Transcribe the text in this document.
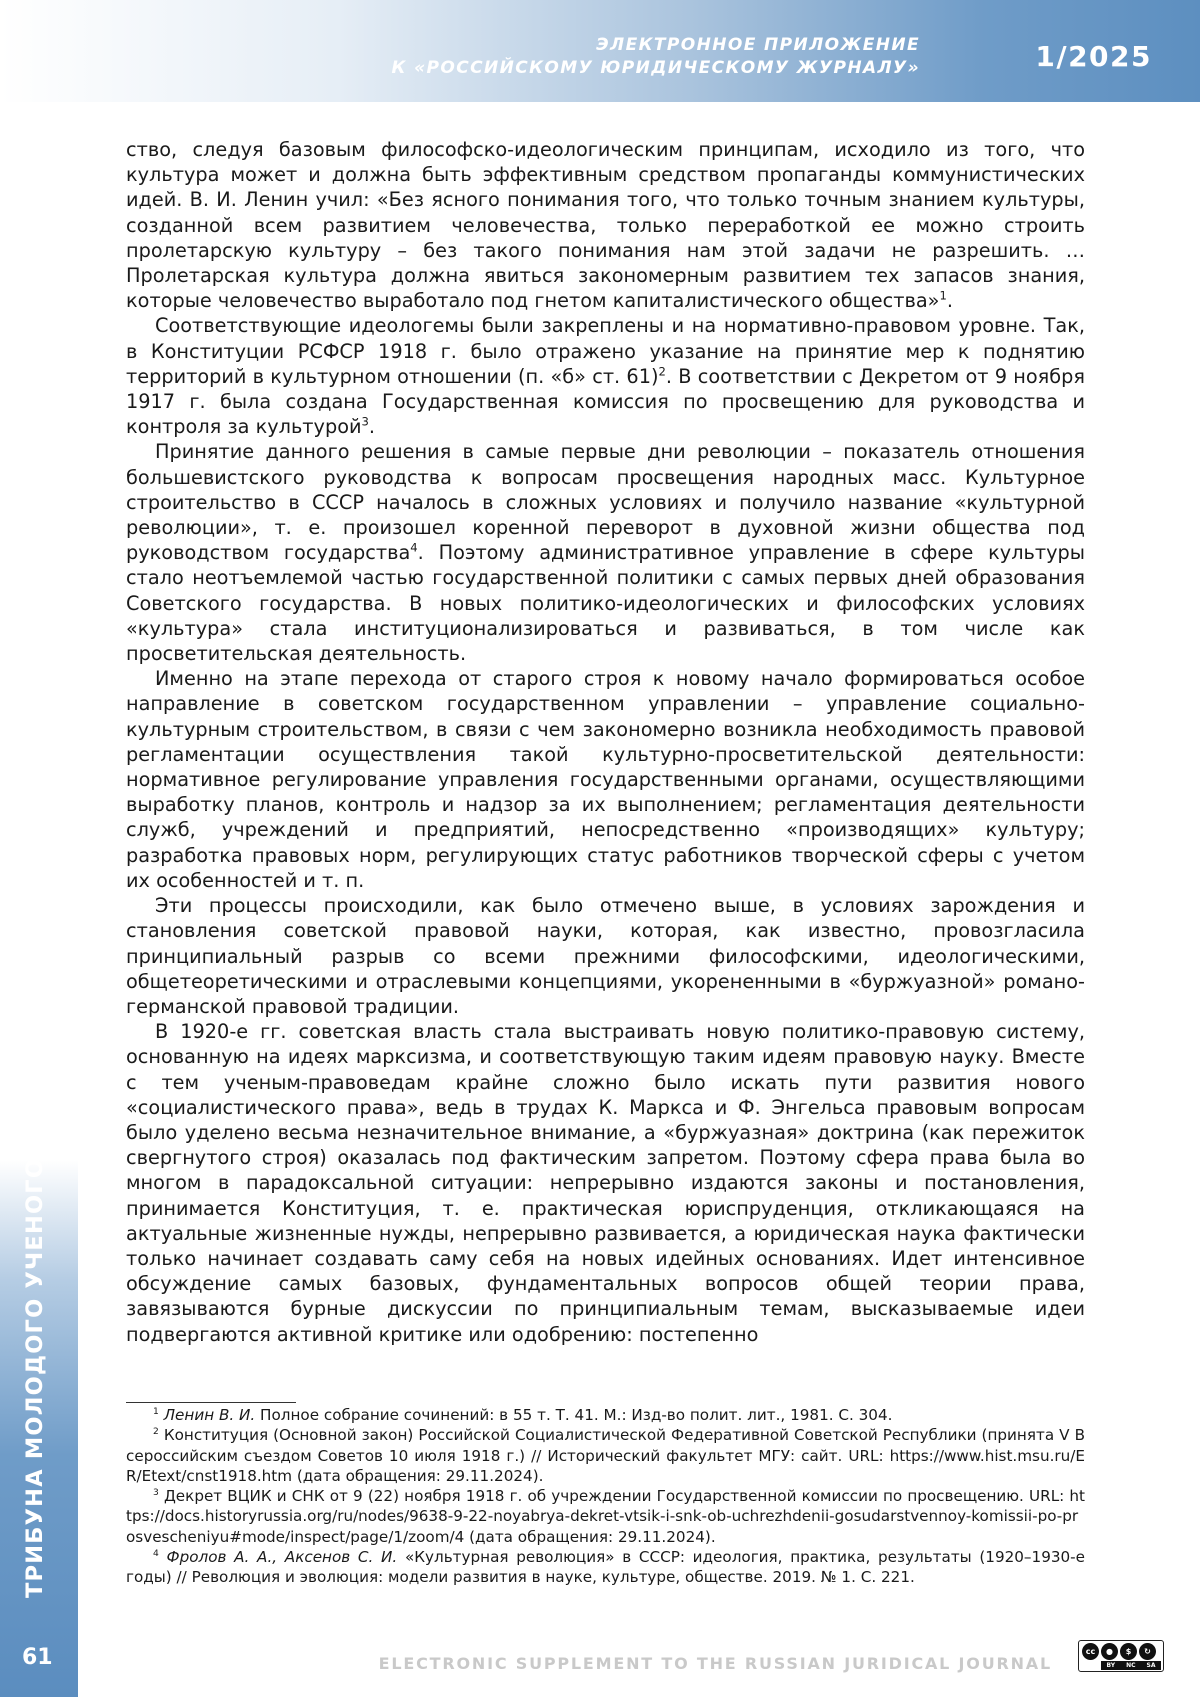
ЭЛЕКТРОННОЕ ПРИЛОЖЕНИЕ
К «РОССИЙСКОМУ ЮРИДИЧЕСКОМУ ЖУРНАЛУ»	1/2025
ТРИБУНА МОЛОДОГО УЧЕНОГО
61

ство, следуя базовым философско-идеологическим принципам, исходило из того, что культура может и должна быть эффективным средством пропаганды коммунистических идей. В. И. Ленин учил: «Без ясного понимания того, что только точным знанием культуры, созданной всем развитием человечества, только переработкой ее можно строить пролетарскую культуру – без такого понимания нам этой задачи не разрешить. …Пролетарская культура должна явиться закономерным развитием тех запасов знания, которые человечество выработало под гнетом капиталистического общества»1.

Соответствующие идеологемы были закреплены и на нормативно-правовом уровне. Так, в Конституции РСФСР 1918 г. было отражено указание на принятие мер к поднятию территорий в культурном отношении (п. «б» ст. 61)2. В соответствии с Декретом от 9 ноября 1917 г. была создана Государственная комиссия по просвещению для руководства и контроля за культурой3.

Принятие данного решения в самые первые дни революции – показатель отношения большевистского руководства к вопросам просвещения народных масс. Культурное строительство в СССР началось в сложных условиях и получило название «культурной революции», т. е. произошел коренной переворот в духовной жизни общества под руководством государства4. Поэтому административное управление в сфере культуры стало неотъемлемой частью государственной политики с самых первых дней образования Советского государства. В новых политико-идеологических и философских условиях «культура» стала институционализироваться и развиваться, в том числе как просветительская деятельность.

Именно на этапе перехода от старого строя к новому начало формироваться особое направление в советском государственном управлении – управление социально-культурным строительством, в связи с чем закономерно возникла необходимость правовой регламентации осуществления такой культурно-просветительской деятельности: нормативное регулирование управления государственными органами, осуществляющими выработку планов, контроль и надзор за их выполнением; регламентация деятельности служб, учреждений и предприятий, непосредственно «производящих» культуру; разработка правовых норм, регулирующих статус работников творческой сферы с учетом их особенностей и т. п.

Эти процессы происходили, как было отмечено выше, в условиях зарождения и становления советской правовой науки, которая, как известно, провозгласила принципиальный разрыв со всеми прежними философскими, идеологическими, общетеоретическими и отраслевыми концепциями, укорененными в «буржуазной» романо-германской правовой традиции.

В 1920-е гг. советская власть стала выстраивать новую политико-правовую систему, основанную на идеях марксизма, и соответствующую таким идеям правовую науку. Вместе с тем ученым-правоведам крайне сложно было искать пути развития нового «социалистического права», ведь в трудах К. Маркса и Ф. Энгельса правовым вопросам было уделено весьма незначительное внимание, а «буржуазная» доктрина (как пережиток свергнутого строя) оказалась под фактическим запретом. Поэтому сфера права была во многом в парадоксальной ситуации: непрерывно издаются законы и постановления, принимается Конституция, т. е. практическая юриспруденция, откликающаяся на актуальные жизненные нужды, непрерывно развивается, а юридическая наука фактически только начинает создавать саму себя на новых идейных основаниях. Идет интенсивное обсуждение самых базовых, фундаментальных вопросов общей теории права, завязываются бурные дискуссии по принципиальным темам, высказываемые идеи подвергаются активной критике или одобрению: постепенно

1 Ленин В. И. Полное собрание сочинений: в 55 т. Т. 41. М.: Изд-во полит. лит., 1981. С. 304.

2 Конституция (Основной закон) Российской Социалистической Федеративной Советской Республики (принята V Всероссийским съездом Советов 10 июля 1918 г.) // Исторический факультет МГУ: сайт. URL: https://www.hist.msu.ru/ER/Etext/cnst1918.htm (дата обращения: 29.11.2024).

3 Декрет ВЦИК и СНК от 9 (22) ноября 1918 г. об учреждении Государственной комиссии по просвещению. URL: https://docs.historyrussia.org/ru/nodes/9638-9-22-noyabrya-dekret-vtsik-i-snk-ob-uchrezhdenii-gosudarstvennoy-komissii-po-prosvescheniyu#mode/inspect/page/1/zoom/4 (дата обращения: 29.11.2024).

4 Фролов А. А., Аксенов С. И. «Культурная революция» в СССР: идеология, практика, результаты (1920–1930-е годы) // Революция и эволюция: модели развития в науке, культуре, обществе. 2019. № 1. С. 221.

ELECTRONIC SUPPLEMENT TO THE RUSSIAN JURIDICAL JOURNAL
cc	●	$	↻
BY NC SA
